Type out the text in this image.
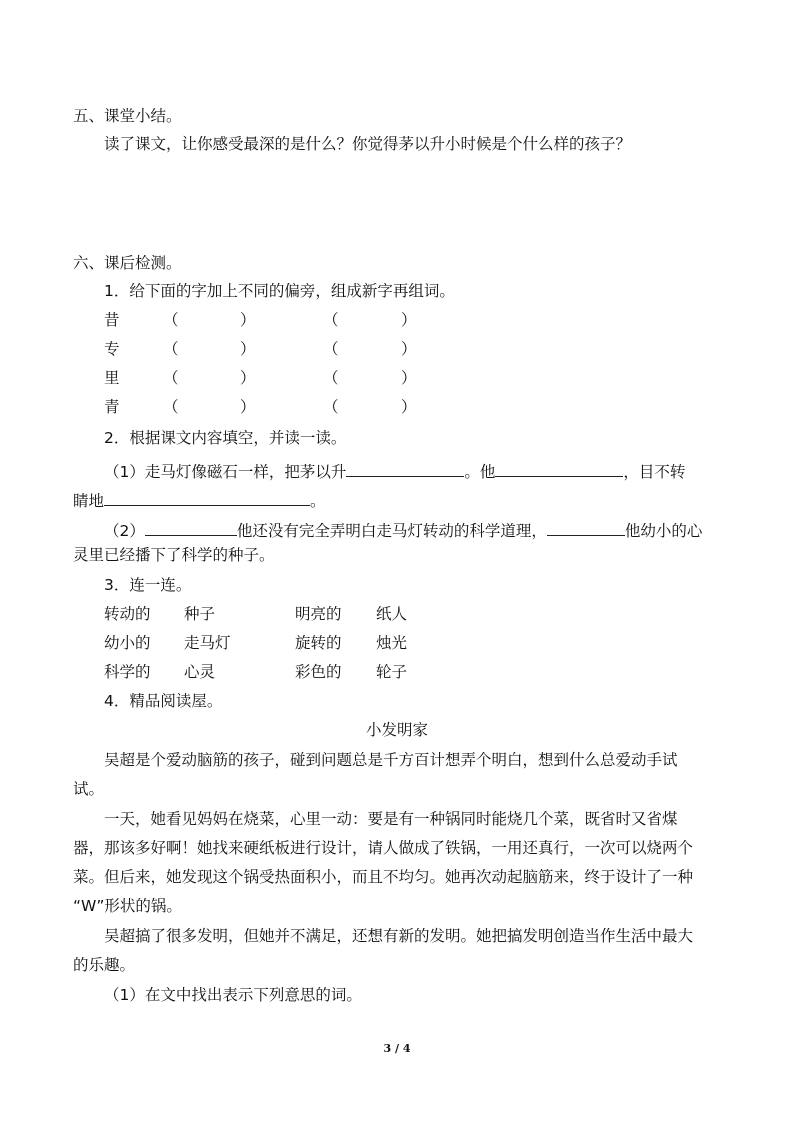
五、课堂小结。
读了课文，让你感受最深的是什么？你觉得茅以升小时候是个什么样的孩子？
六、课后检测。
1．给下面的字加上不同的偏旁，组成新字再组词。
昔	（	）	（	）
专	（	）	（	）
里	（	）	（	）
青	（	）	（	）
2．根据课文内容填空，并读一读。
（1）走马灯像磁石一样，把茅以升	。他	，目不转
睛地	。
（2）	他还没有完全弄明白走马灯转动的科学道理，	他幼小的心
灵里已经播下了科学的种子。
3．连一连。
转动的 种子	明亮的 纸人
幼小的 走马灯	旋转的 烛光
科学的 心灵	彩色的 轮子
4．精品阅读屋。
小发明家
吴超是个爱动脑筋的孩子，碰到问题总是千方百计想弄个明白，想到什么总爱动手试
试。
一天，她看见妈妈在烧菜，心里一动：要是有一种锅同时能烧几个菜，既省时又省煤
器，那该多好啊！她找来硬纸板进行设计，请人做成了铁锅，一用还真行，一次可以烧两个
菜。但后来，她发现这个锅受热面积小，而且不均匀。她再次动起脑筋来，终于设计了一种
“W”形状的锅。
吴超搞了很多发明，但她并不满足，还想有新的发明。她把搞发明创造当作生活中最大
的乐趣。
（1）在文中找出表示下列意思的词。
3 / 4
